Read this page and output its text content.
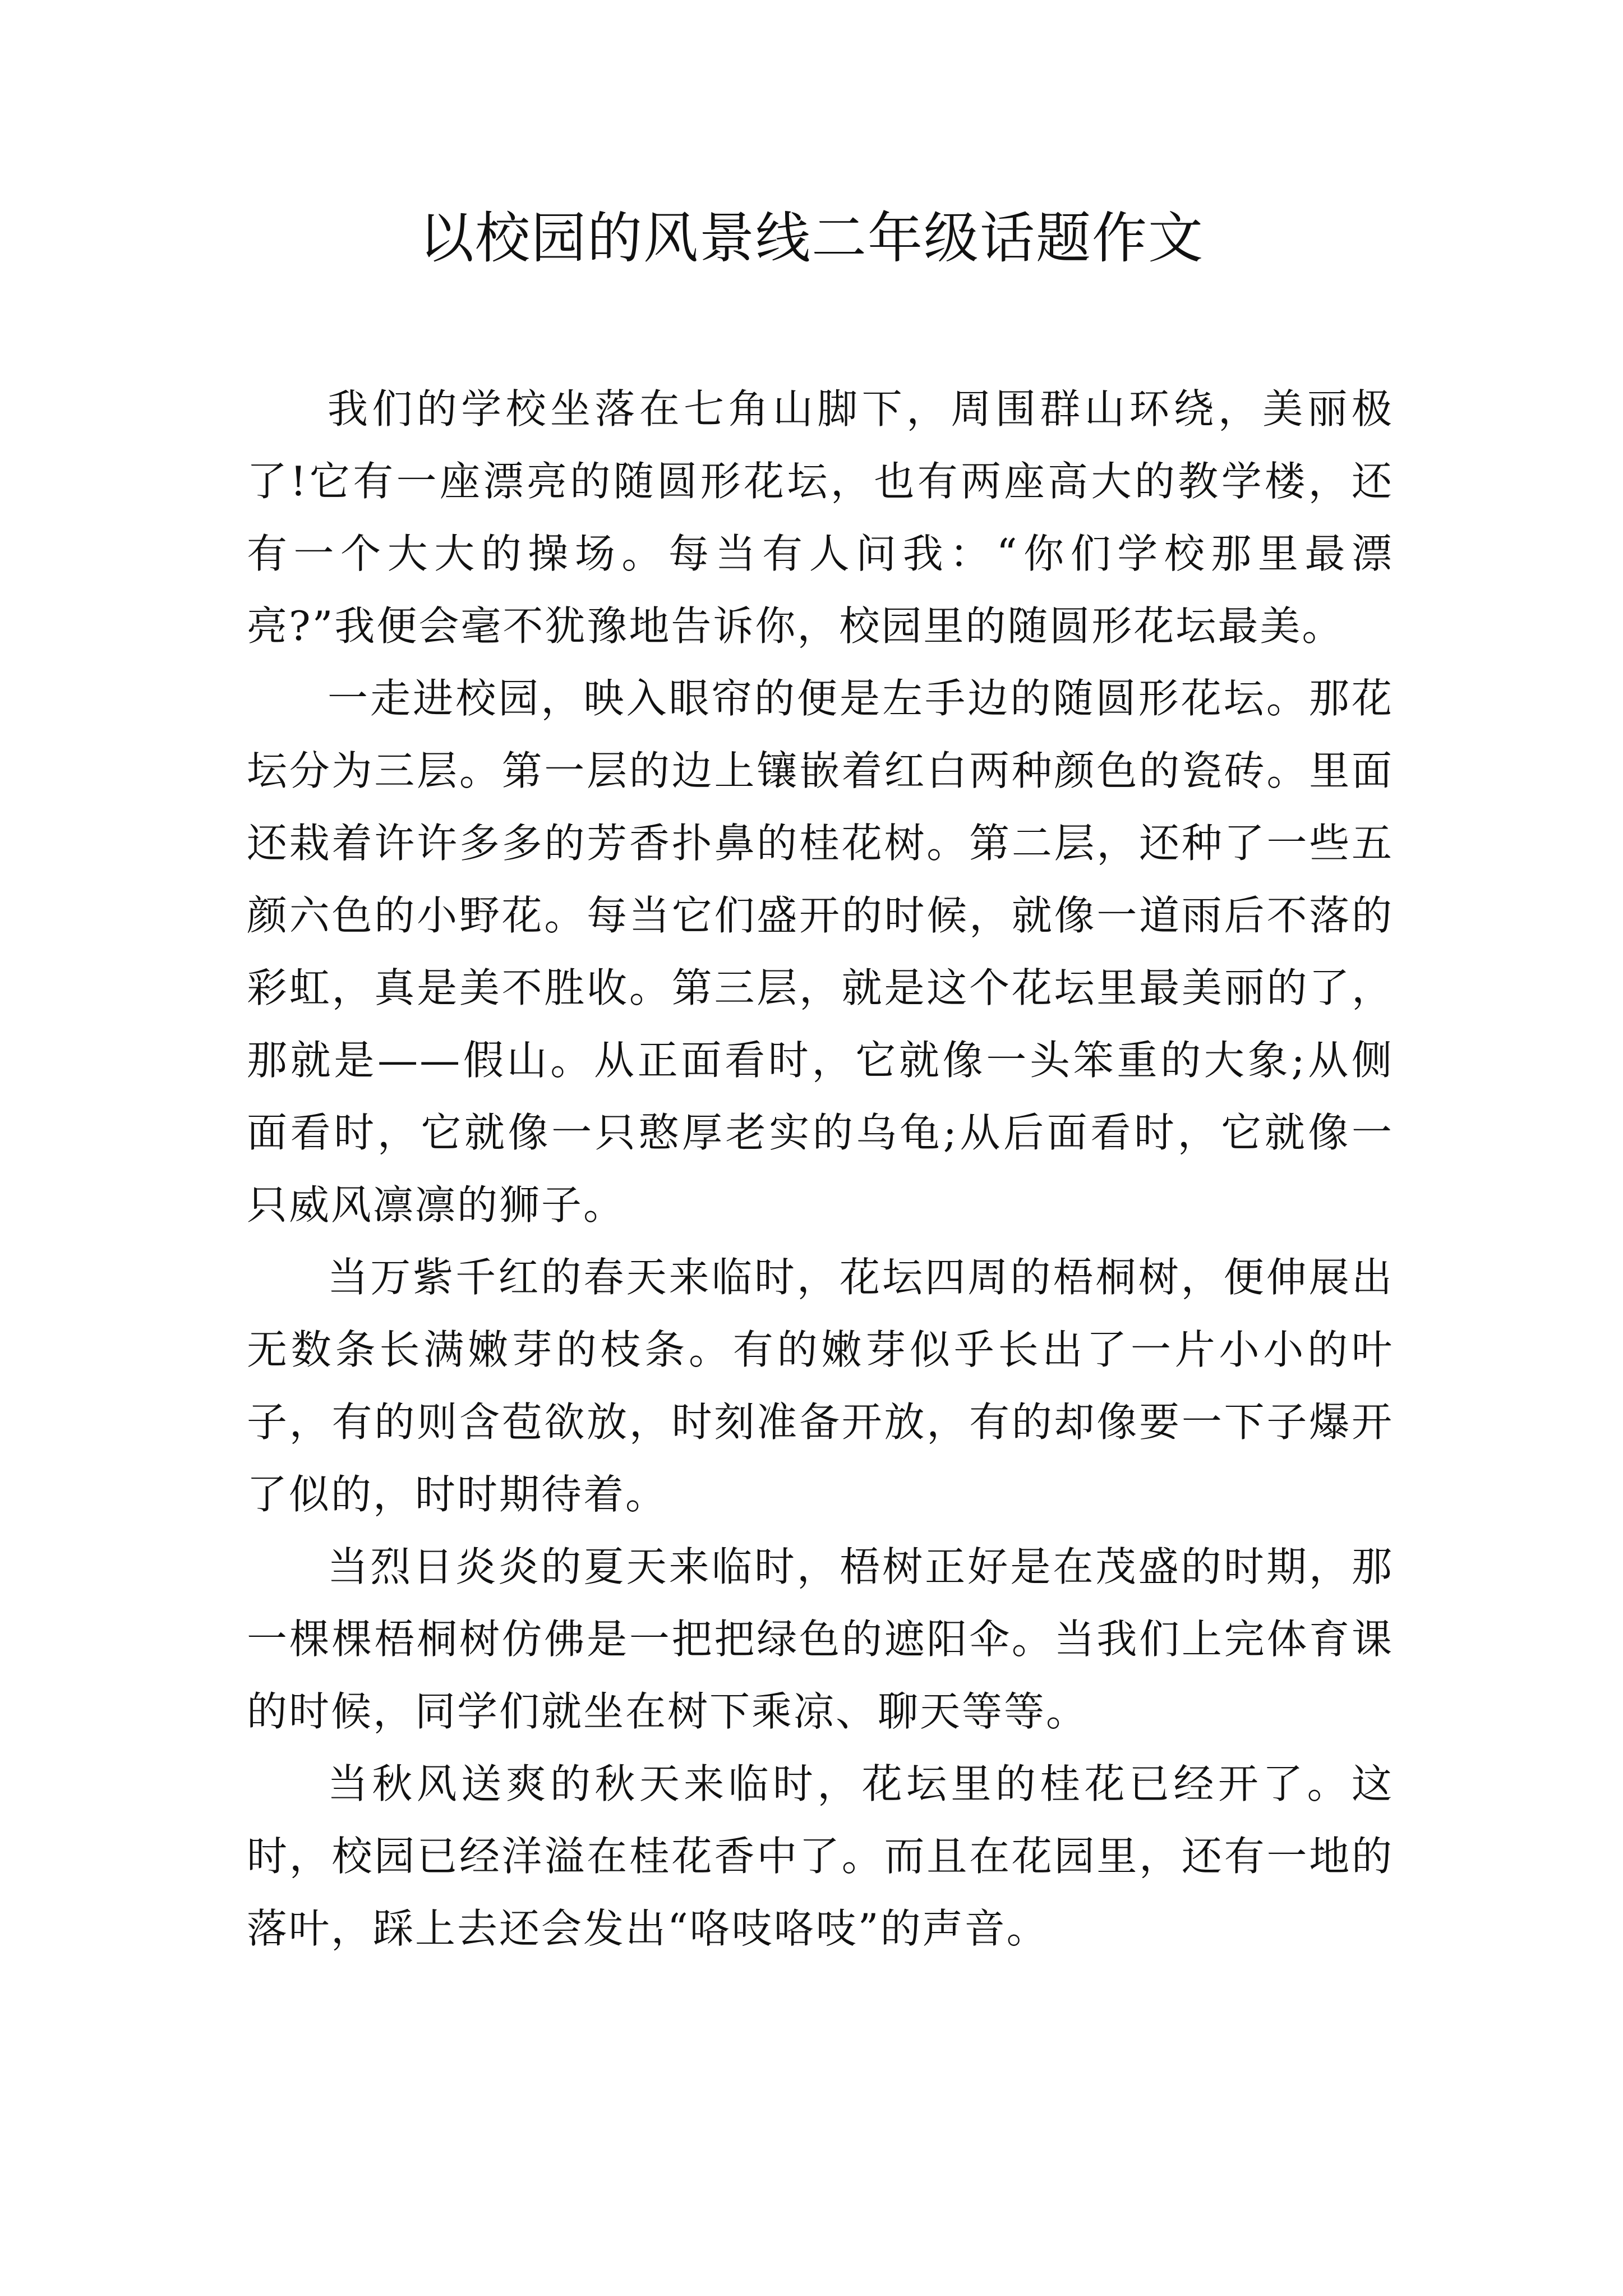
以校园的风景线二年级话题作文

我们的学校坐落在七角山脚下，周围群山环绕，美丽极了!它有一座漂亮的随圆形花坛，也有两座高大的教学楼，还有一个大大的操场。每当有人问我：“你们学校那里最漂亮?”我便会毫不犹豫地告诉你，校园里的随圆形花坛最美。

一走进校园，映入眼帘的便是左手边的随圆形花坛。那花坛分为三层。第一层的边上镶嵌着红白两种颜色的瓷砖。里面还栽着许许多多的芳香扑鼻的桂花树。第二层，还种了一些五颜六色的小野花。每当它们盛开的时候，就像一道雨后不落的彩虹，真是美不胜收。第三层，就是这个花坛里最美丽的了，那就是——假山。从正面看时，它就像一头笨重的大象;从侧面看时，它就像一只憨厚老实的乌龟;从后面看时，它就像一只威风凛凛的狮子。

当万紫千红的春天来临时，花坛四周的梧桐树，便伸展出无数条长满嫩芽的枝条。有的嫩芽似乎长出了一片小小的叶子，有的则含苞欲放，时刻准备开放，有的却像要一下子爆开了似的，时时期待着。

当烈日炎炎的夏天来临时，梧树正好是在茂盛的时期，那一棵棵梧桐树仿佛是一把把绿色的遮阳伞。当我们上完体育课的时候，同学们就坐在树下乘凉、聊天等等。

当秋风送爽的秋天来临时，花坛里的桂花已经开了。这时，校园已经洋溢在桂花香中了。而且在花园里，还有一地的落叶，踩上去还会发出“咯吱咯吱”的声音。
